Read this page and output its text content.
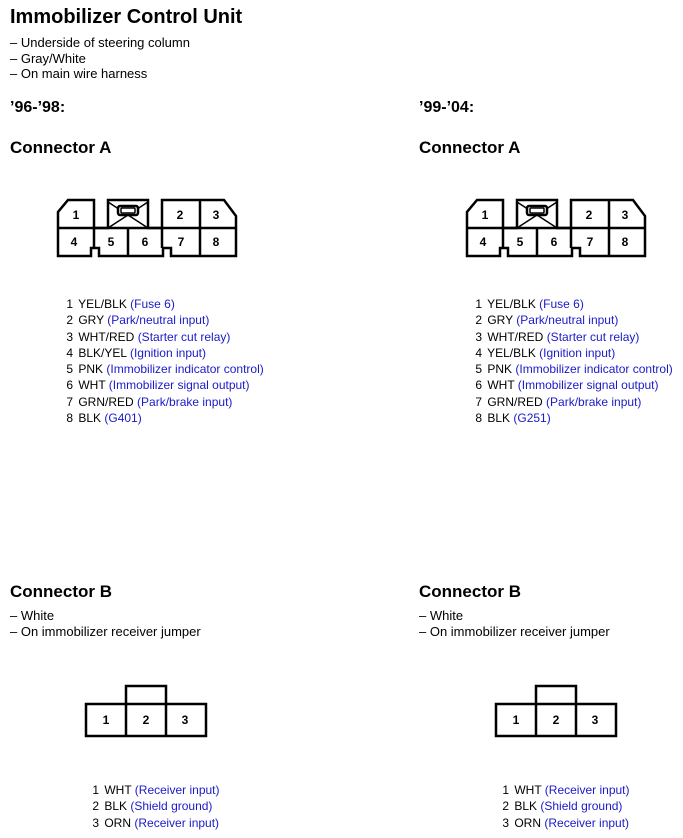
Immobilizer Control Unit
– Underside of steering column
– Gray/White
– On main wire harness
’96-’98:
Connector A
1	2 3
4	5 6 7 8
1 YEL/BLK (Fuse 6)
2 GRY (Park/neutral input)
3 WHT/RED (Starter cut relay)
4 BLK/YEL (Ignition input)
5 PNK (Immobilizer indicator control)
6 WHT (Immobilizer signal output)
7 GRN/RED (Park/brake input)
8 BLK (G401)
Connector B
– White
– On immobilizer receiver jumper
1	2	3
1 WHT (Receiver input)
2 BLK (Shield ground)
3 ORN (Receiver input)
’99-’04:
Connector A
1	2 3
4	5 6 7 8
1 YEL/BLK (Fuse 6)
2 GRY (Park/neutral input)
3 WHT/RED (Starter cut relay)
4 YEL/BLK (Ignition input)
5 PNK (Immobilizer indicator control)
6 WHT (Immobilizer signal output)
7 GRN/RED (Park/brake input)
8 BLK (G251)
Connector B
– White
– On immobilizer receiver jumper
1	2	3
1 WHT (Receiver input)
2 BLK (Shield ground)
3 ORN (Receiver input)
